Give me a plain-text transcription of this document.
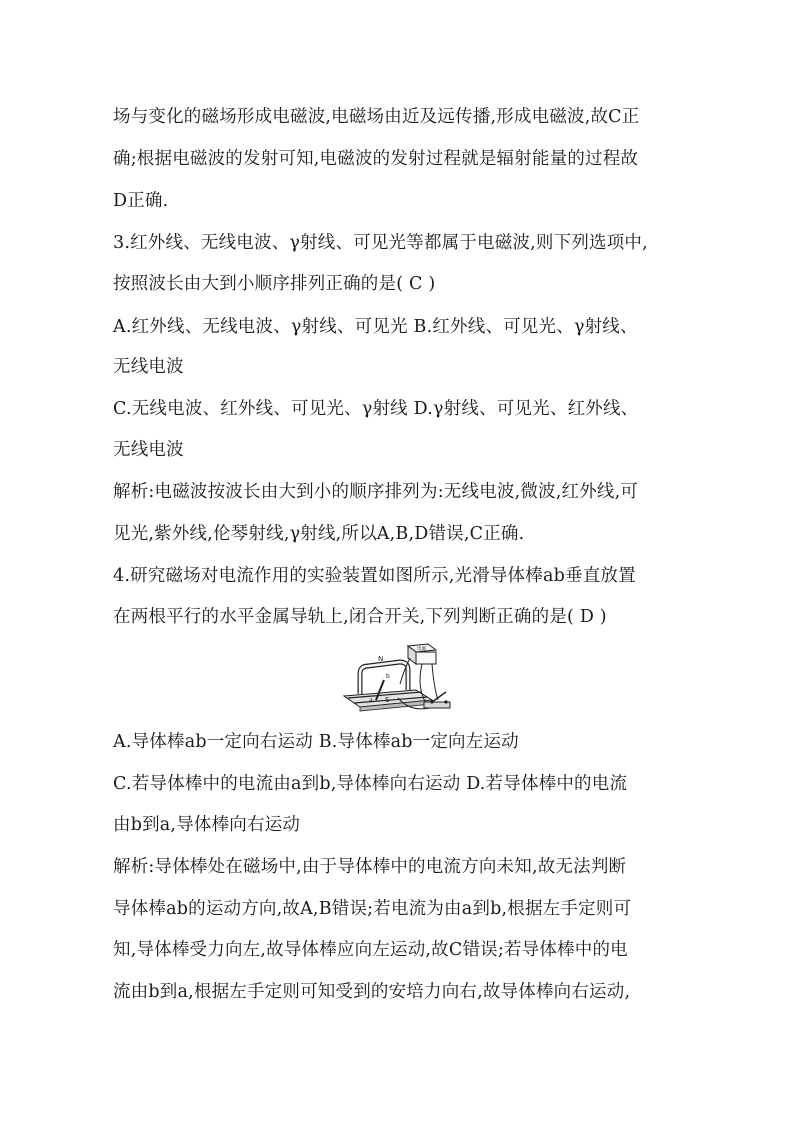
场与变化的磁场形成电磁波,电磁场由近及远传播,形成电磁波,故C正
确;根据电磁波的发射可知,电磁波的发射过程就是辐射能量的过程故
D正确.
3.红外线、无线电波、γ射线、可见光等都属于电磁波,则下列选项中,
按照波长由大到小顺序排列正确的是( C )
A.红外线、无线电波、γ射线、可见光 B.红外线、可见光、γ射线、
无线电波
C.无线电波、红外线、可见光、γ射线 D.γ射线、可见光、红外线、
无线电波
解析:电磁波按波长由大到小的顺序排列为:无线电波,微波,红外线,可
见光,紫外线,伦琴射线,γ射线,所以A,B,D错误,C正确.
4.研究磁场对电流作用的实验装置如图所示,光滑导体棒ab垂直放置
在两根平行的水平金属导轨上,闭合开关,下列判断正确的是( D )
N
S
a
b
电源
A.导体棒ab一定向右运动 B.导体棒ab一定向左运动
C.若导体棒中的电流由a到b,导体棒向右运动 D.若导体棒中的电流
由b到a,导体棒向右运动
解析:导体棒处在磁场中,由于导体棒中的电流方向未知,故无法判断
导体棒ab的运动方向,故A,B错误;若电流为由a到b,根据左手定则可
知,导体棒受力向左,故导体棒应向左运动,故C错误;若导体棒中的电
流由b到a,根据左手定则可知受到的安培力向右,故导体棒向右运动,
